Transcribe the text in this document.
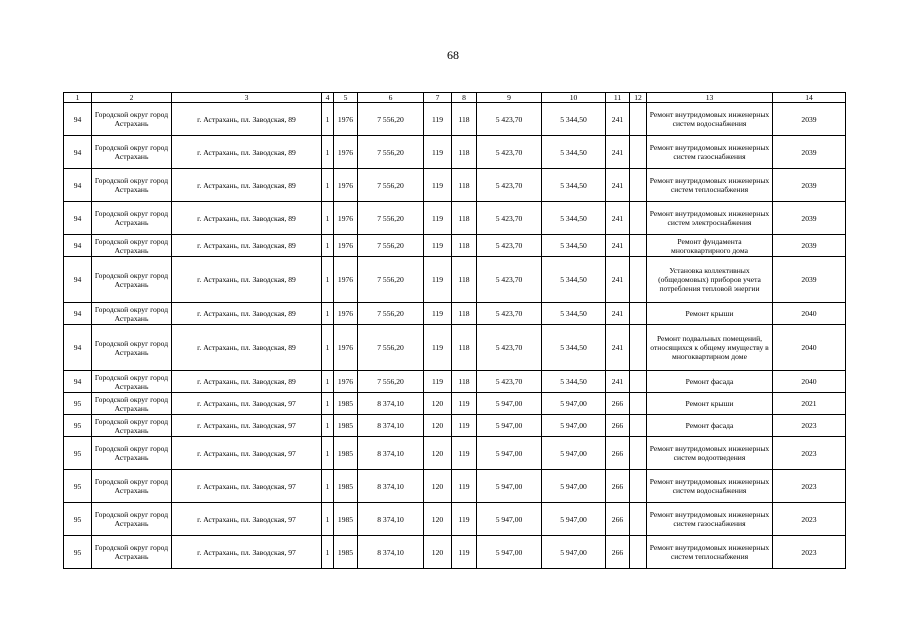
68
1	2	3	4	5	6	7	8	9	10	11	12	13	14
94	Городской округ город Астрахань	г. Астрахань, пл. Заводская, 89	1	1976	7 556,20	119	118	5 423,70	5 344,50	241		Ремонт внутридомовых инженерных систем водоснабжения	2039
94	Городской округ город Астрахань	г. Астрахань, пл. Заводская, 89	1	1976	7 556,20	119	118	5 423,70	5 344,50	241		Ремонт внутридомовых инженерных систем газоснабжения	2039
94	Городской округ город Астрахань	г. Астрахань, пл. Заводская, 89	1	1976	7 556,20	119	118	5 423,70	5 344,50	241		Ремонт внутридомовых инженерных систем теплоснабжения	2039
94	Городской округ город Астрахань	г. Астрахань, пл. Заводская, 89	1	1976	7 556,20	119	118	5 423,70	5 344,50	241		Ремонт внутридомовых инженерных систем электроснабжения	2039
94	Городской округ город Астрахань	г. Астрахань, пл. Заводская, 89	1	1976	7 556,20	119	118	5 423,70	5 344,50	241		Ремонт фундамента многоквартирного дома	2039
94	Городской округ город Астрахань	г. Астрахань, пл. Заводская, 89	1	1976	7 556,20	119	118	5 423,70	5 344,50	241		Установка коллективных (общедомовых) приборов учета потребления тепловой энергии	2039
94	Городской округ город Астрахань	г. Астрахань, пл. Заводская, 89	1	1976	7 556,20	119	118	5 423,70	5 344,50	241		Ремонт крыши	2040
94	Городской округ город Астрахань	г. Астрахань, пл. Заводская, 89	1	1976	7 556,20	119	118	5 423,70	5 344,50	241		Ремонт подвальных помещений, относящихся к общему имуществу в многоквартирном доме	2040
94	Городской округ город Астрахань	г. Астрахань, пл. Заводская, 89	1	1976	7 556,20	119	118	5 423,70	5 344,50	241		Ремонт фасада	2040
95	Городской округ город Астрахань	г. Астрахань, пл. Заводская, 97	1	1985	8 374,10	120	119	5 947,00	5 947,00	266		Ремонт крыши	2021
95	Городской округ город Астрахань	г. Астрахань, пл. Заводская, 97	1	1985	8 374,10	120	119	5 947,00	5 947,00	266		Ремонт фасада	2023
95	Городской округ город Астрахань	г. Астрахань, пл. Заводская, 97	1	1985	8 374,10	120	119	5 947,00	5 947,00	266		Ремонт внутридомовых инженерных систем водоотведения	2023
95	Городской округ город Астрахань	г. Астрахань, пл. Заводская, 97	1	1985	8 374,10	120	119	5 947,00	5 947,00	266		Ремонт внутридомовых инженерных систем водоснабжения	2023
95	Городской округ город Астрахань	г. Астрахань, пл. Заводская, 97	1	1985	8 374,10	120	119	5 947,00	5 947,00	266		Ремонт внутридомовых инженерных систем газоснабжения	2023
95	Городской округ город Астрахань	г. Астрахань, пл. Заводская, 97	1	1985	8 374,10	120	119	5 947,00	5 947,00	266		Ремонт внутридомовых инженерных систем теплоснабжения	2023
